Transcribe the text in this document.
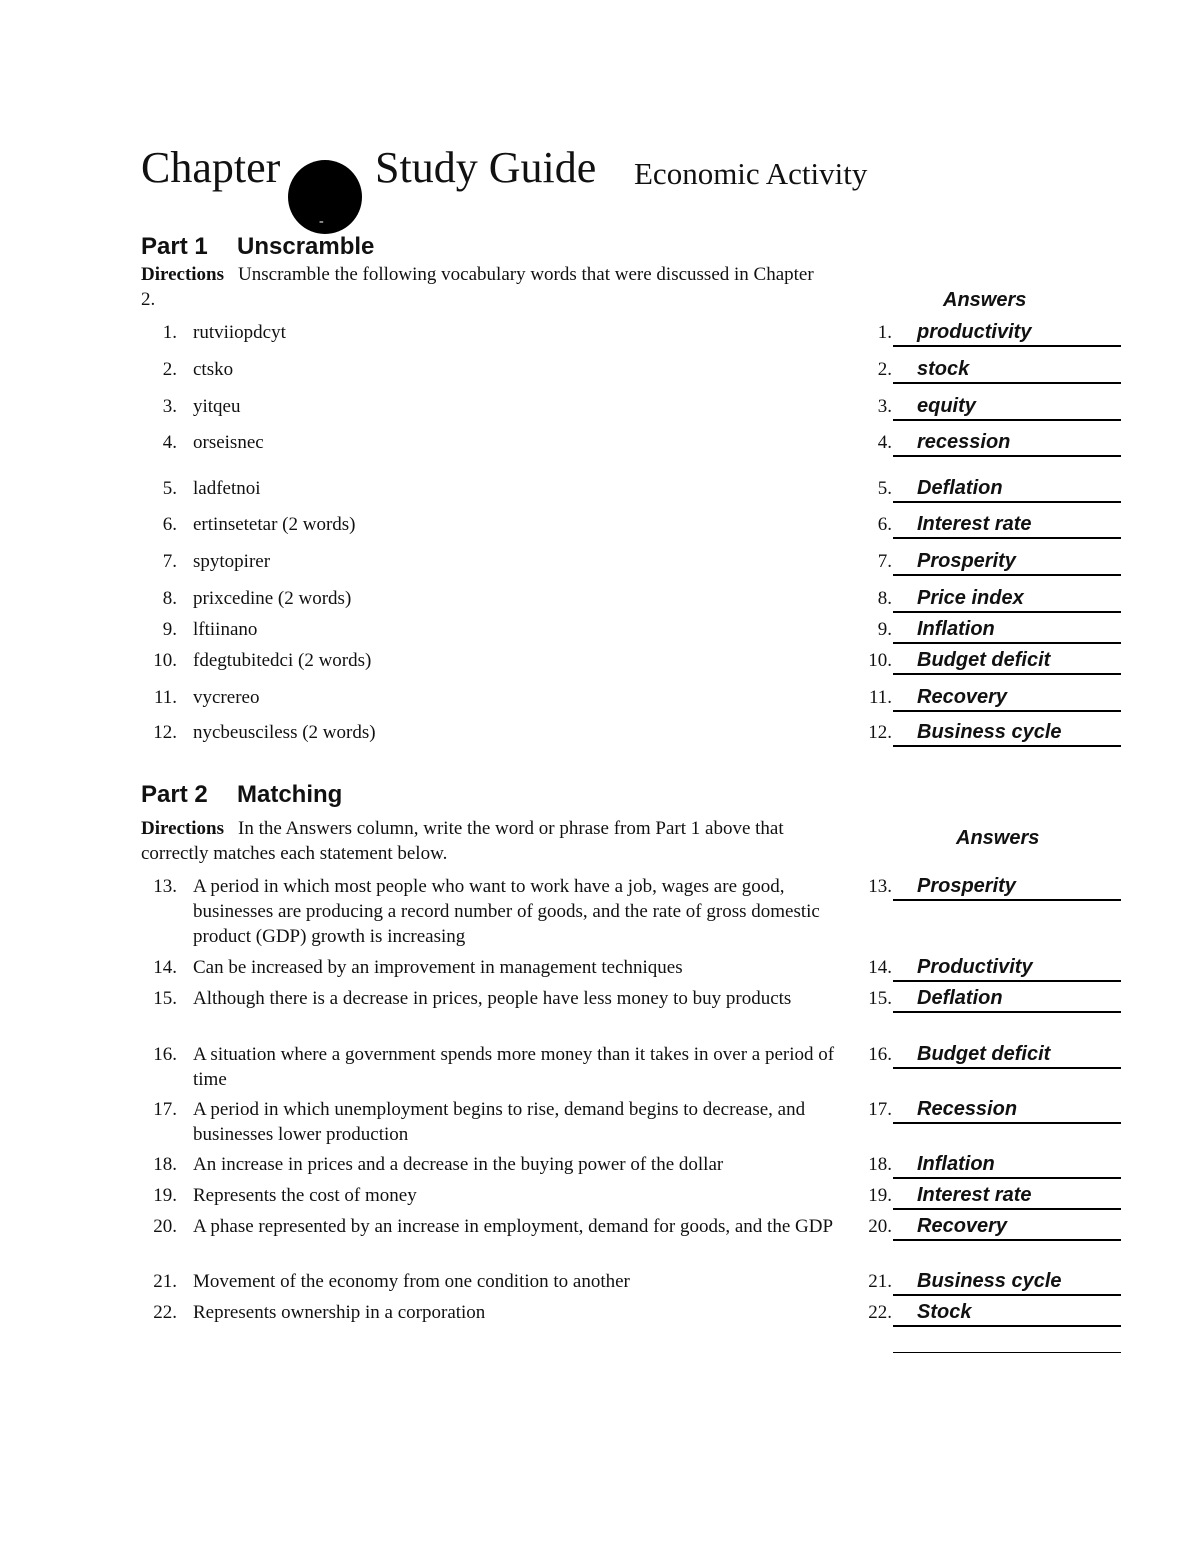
Chapter
-
Study Guide Economic Activity
Part 1 Unscramble
Directions Unscramble the following vocabulary words that were discussed in Chapter 2.	Answers
1. rutviiopdcyt	1. productivity
2. ctsko	2. stock
3. yitqeu	3. equity
4. orseisnec	4. recession
5. ladfetnoi	5. Deflation
6. ertinsetetar (2 words)	6. Interest rate
7. spytopirer	7. Prosperity
8. prixcedine (2 words)	8. Price index
9. lftiinano	9. Inflation
10. fdegtubitedci (2 words)	10. Budget deficit
11. vycrereo	11. Recovery
12. nycbeusciless (2 words)	12. Business cycle
Part 2 Matching
Directions In the Answers column, write the word or phrase from Part 1 above that correctly matches each statement below.
Answers
13. A period in which most people who want to work have a job, wages are good, businesses are producing a record number of goods, and the rate of gross domestic product (GDP) growth is increasing
13. Prosperity
14. Can be increased by an improvement in management techniques	14. Productivity
15. Although there is a decrease in prices, people have less money to buy products	15. Deflation
16. A situation where a government spends more money than it takes in over a period of time
16. Budget deficit
17. A period in which unemployment begins to rise, demand begins to decrease, and businesses lower production
17. Recession
18. An increase in prices and a decrease in the buying power of the dollar	18. Inflation
19. Represents the cost of money	19. Interest rate
20. A phase represented by an increase in employment, demand for goods, and the GDP	20. Recovery
21. Movement of the economy from one condition to another	21. Business cycle
22. Represents ownership in a corporation	22. Stock
